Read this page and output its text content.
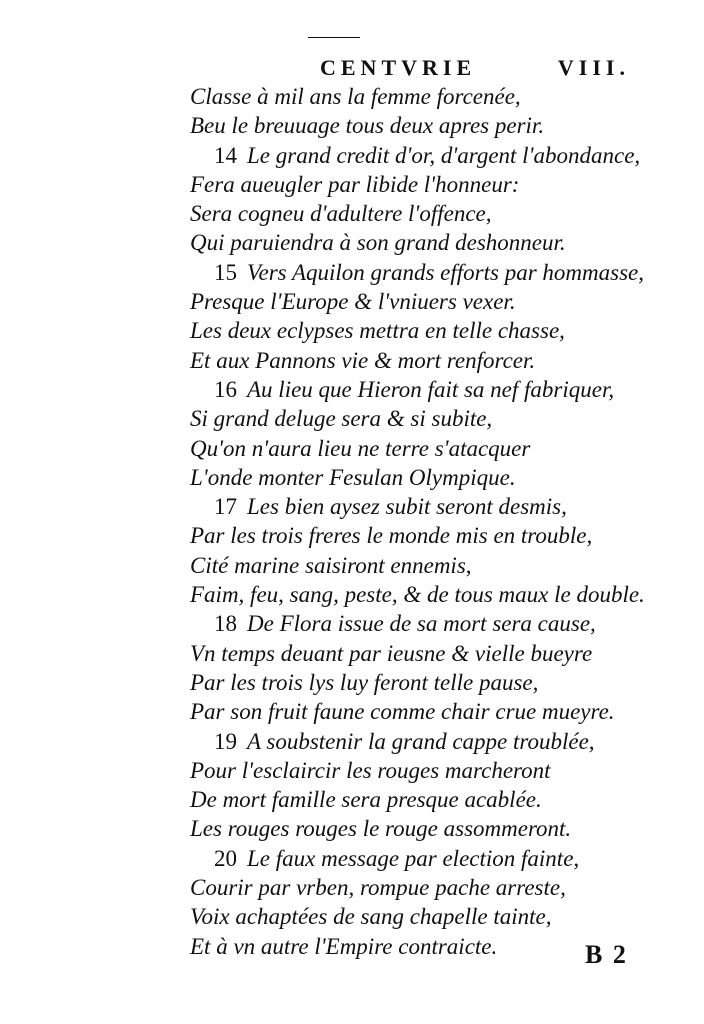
CENTVRIE	VIII.
Classe à mil ans la femme forcenée,
Beu le breuuage tous deux apres perir.
14 Le grand credit d'or, d'argent l'abondance,
Fera aueugler par libide l'honneur:
Sera cogneu d'adultere l'offence,
Qui paruiendra à son grand deshonneur.
15 Vers Aquilon grands efforts par hommasse,
Presque l'Europe & l'vniuers vexer.
Les deux eclypses mettra en telle chasse,
Et aux Pannons vie & mort renforcer.
16 Au lieu que Hieron fait sa nef fabriquer,
Si grand deluge sera & si subite,
Qu'on n'aura lieu ne terre s'atacquer
L'onde monter Fesulan Olympique.
17 Les bien aysez subit seront desmis,
Par les trois freres le monde mis en trouble,
Cité marine saisiront ennemis,
Faim, feu, sang, peste, & de tous maux le double.
18 De Flora issue de sa mort sera cause,
Vn temps deuant par ieusne & vielle bueyre
Par les trois lys luy feront telle pause,
Par son fruit faune comme chair crue mueyre.
19 A soubstenir la grand cappe troublée,
Pour l'esclaircir les rouges marcheront
De mort famille sera presque acablée.
Les rouges rouges le rouge assommeront.
20 Le faux message par election fainte,
Courir par vrben, rompue pache arreste,
Voix achaptées de sang chapelle tainte,
Et à vn autre l'Empire contraicte.	B 2
